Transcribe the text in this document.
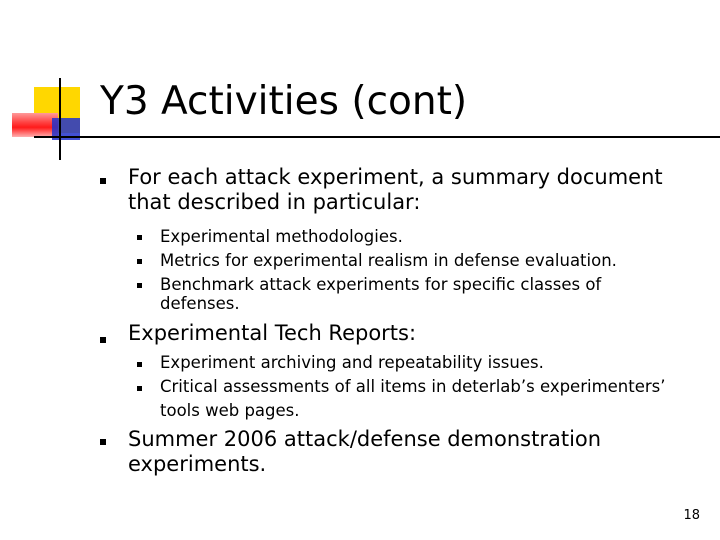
Y3 Activities (cont)
For each attack experiment, a summary document
that described in particular:
Experimental methodologies.
Metrics for experimental realism in defense evaluation.
Benchmark attack experiments for specific classes of
defenses.
Experimental Tech Reports:
Experiment archiving and repeatability issues.
Critical assessments of all items in deterlab’s experimenters’
tools web pages.
Summer 2006 attack/defense demonstration
experiments.
18
